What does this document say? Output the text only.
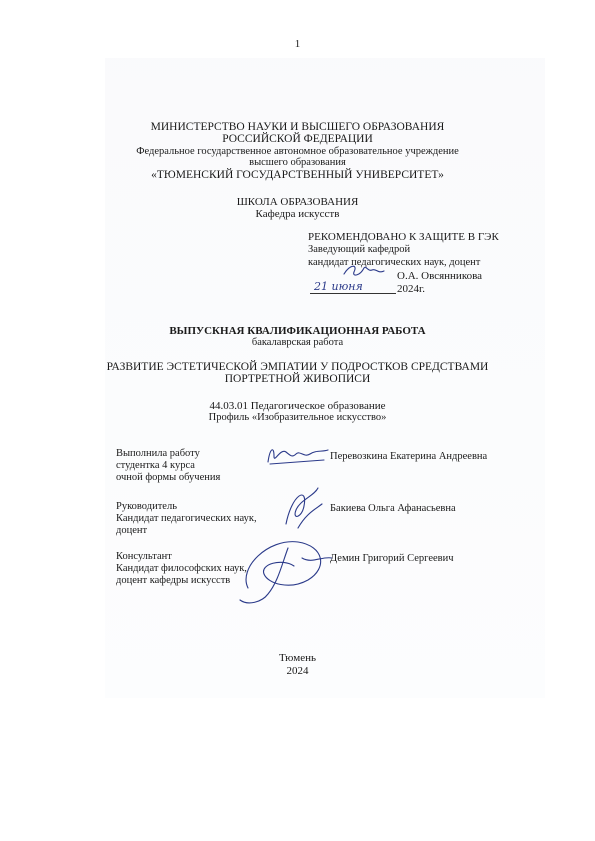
1
МИНИСТЕРСТВО НАУКИ И ВЫСШЕГО ОБРАЗОВАНИЯ
РОССИЙСКОЙ ФЕДЕРАЦИИ
Федеральное государственное автономное образовательное учреждение
высшего образования
«ТЮМЕНСКИЙ ГОСУДАРСТВЕННЫЙ УНИВЕРСИТЕТ»
ШКОЛА ОБРАЗОВАНИЯ
Кафедра искусств
РЕКОМЕНДОВАНО К ЗАЩИТЕ В ГЭК
Заведующий кафедрой
кандидат педагогических наук, доцент
21 июня
О.А. Овсянникова
2024г.
ВЫПУСКНАЯ КВАЛИФИКАЦИОННАЯ РАБОТА
бакалаврская работа
РАЗВИТИЕ ЭСТЕТИЧЕСКОЙ ЭМПАТИИ У ПОДРОСТКОВ СРЕДСТВАМИ
ПОРТРЕТНОЙ ЖИВОПИСИ
44.03.01 Педагогическое образование
Профиль «Изобразительное искусство»
Выполнила работу
студентка 4 курса
очной формы обучения
Перевозкина Екатерина Андреевна
Руководитель
Кандидат педагогических наук,
доцент
Бакиева Ольга Афанасьевна
Консультант
Кандидат философских наук,
доцент кафедры искусств
Демин Григорий Сергеевич
Тюмень
2024
